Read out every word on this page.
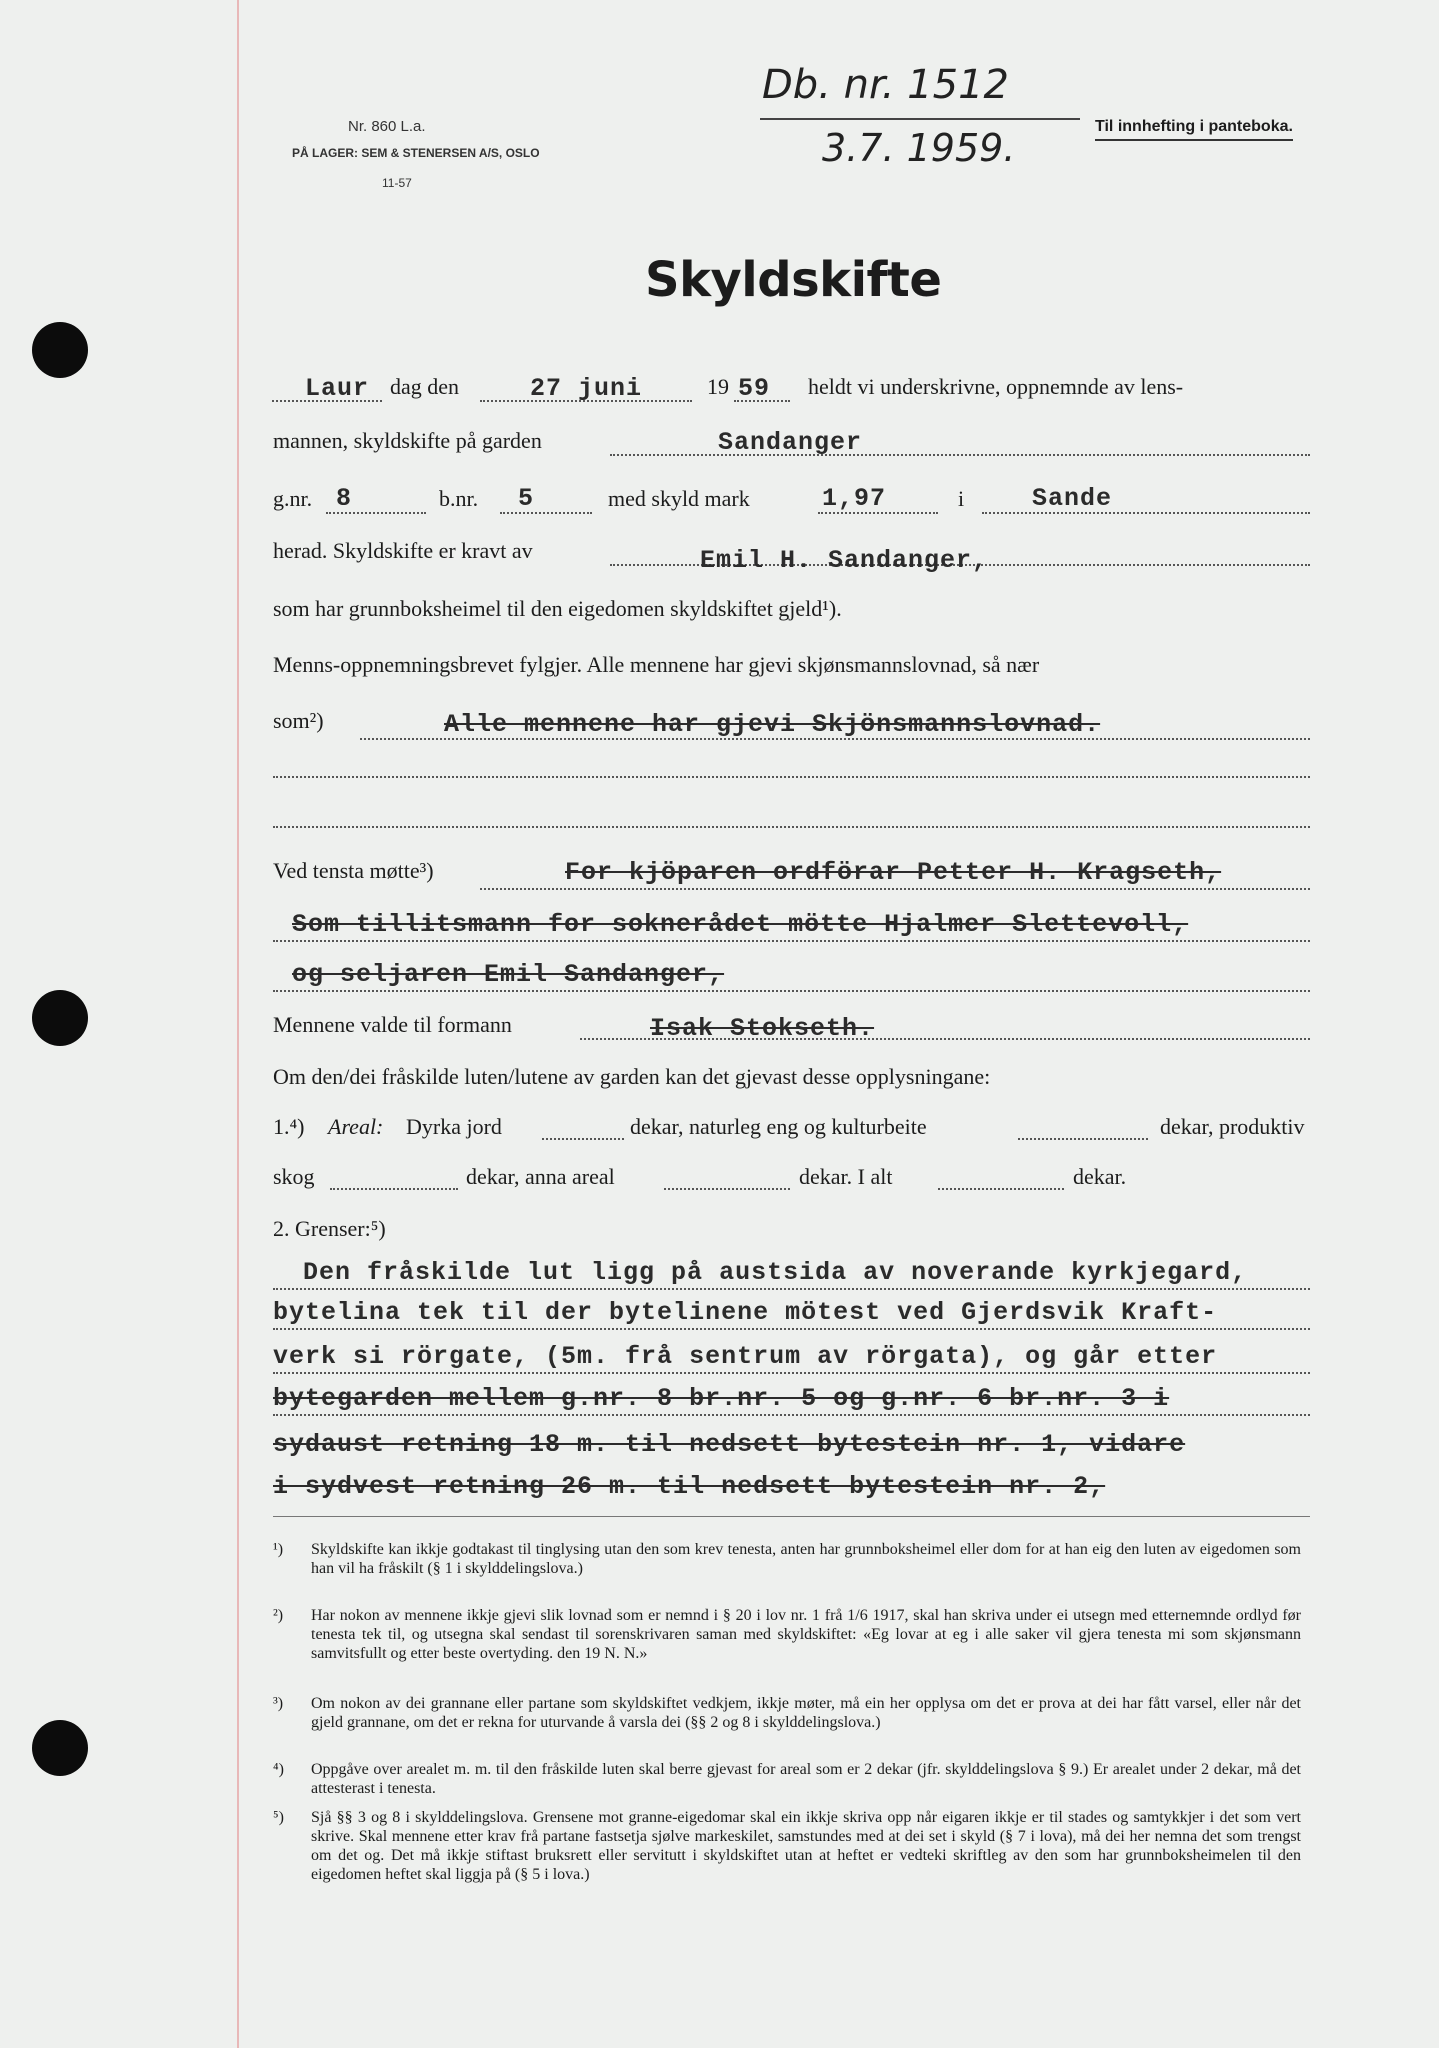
Nr. 860 L.a.
PÅ LAGER: SEM & STENERSEN A/S, OSLO
11-57
Db. nr. 1512
3.7. 1959.	Til innhefting i panteboka.
Skyldskifte
Laur dag den	27 juni	19 59 heldt vi underskrivne, oppnemnde av lens-
mannen, skyldskifte på garden	Sandanger
g.nr. 8	b.nr. 5	med skyld mark	1,97	i	Sande
herad. Skyldskifte er kravt av	Emil H. Sandanger,
som har grunnboksheimel til den eigedomen skyldskiftet gjeld¹).
Menns-oppnemningsbrevet fylgjer. Alle mennene har gjevi skjønsmannslovnad, så nær
som²)	Alle mennene har gjevi Skjönsmannslovnad.
Ved tensta møtte³)	For kjöparen ordförar Petter H. Kragseth,
Som tillitsmann for soknerådet mötte Hjalmer Slettevoll,
og seljaren Emil Sandanger,
Mennene valde til formann	Isak Stokseth.
Om den/dei fråskilde luten/lutene av garden kan det gjevast desse opplysningane:
1.⁴) Areal: Dyrka jord	dekar, naturleg eng og kulturbeite	dekar, produktiv
skog	dekar, anna areal	dekar. I alt	dekar.
2. Grenser:⁵)
Den fråskilde lut ligg på austsida av noverande kyrkjegard,
bytelina tek til der bytelinene mötest ved Gjerdsvik Kraft-
verk si rörgate, (5m. frå sentrum av rörgata), og går etter
bytegarden mellem g.nr. 8 br.nr. 5 og g.nr. 6 br.nr. 3 i
sydaust retning 18 m. til nedsett bytestein nr. 1, vidare
i sydvest retning 26 m. til nedsett bytestein nr. 2,
¹) Skyldskifte kan ikkje godtakast til tinglysing utan den som krev tenesta, anten har grunnboksheimel eller dom for at han eig den luten av eigedomen som han vil ha fråskilt (§ 1 i skylddelingslova.)
²) Har nokon av mennene ikkje gjevi slik lovnad som er nemnd i § 20 i lov nr. 1 frå 1/6 1917, skal han skriva under ei utsegn med etternemnde ordlyd før tenesta tek til, og utsegna skal sendast til sorenskrivaren saman med skyldskiftet: «Eg lovar at eg i alle saker vil gjera tenesta mi som skjønsmann samvitsfullt og etter beste overtyding. den 19 N. N.»
³) Om nokon av dei grannane eller partane som skyldskiftet vedkjem, ikkje møter, må ein her opplysa om det er prova at dei har fått varsel, eller når det gjeld grannane, om det er rekna for uturvande å varsla dei (§§ 2 og 8 i skylddelingslova.)
⁴) Oppgåve over arealet m. m. til den fråskilde luten skal berre gjevast for areal som er 2 dekar (jfr. skylddelingslova § 9.) Er arealet under 2 dekar, må det attesterast i tenesta.
⁵) Sjå §§ 3 og 8 i skylddelingslova. Grensene mot granne-eigedomar skal ein ikkje skriva opp når eigaren ikkje er til stades og samtykkjer i det som vert skrive. Skal mennene etter krav frå partane fastsetja sjølve markeskilet, samstundes med at dei set i skyld (§ 7 i lova), må dei her nemna det som trengst om det og. Det må ikkje stiftast bruksrett eller servitutt i skyldskiftet utan at heftet er vedteki skriftleg av den som har grunnboksheimelen til den eigedomen heftet skal liggja på (§ 5 i lova.)
